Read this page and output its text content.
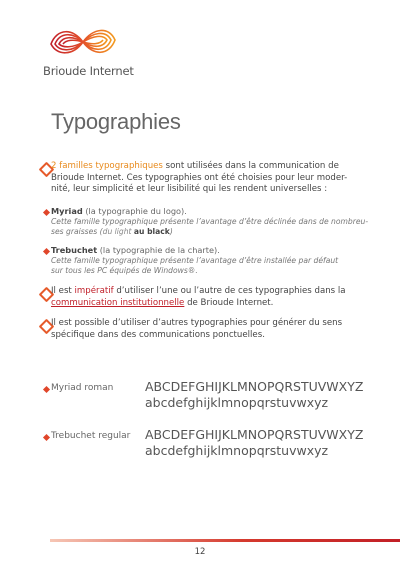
Brioude Internet
Typographies
2 familles typographiques sont utilisées dans la communication de
Brioude Internet. Ces typographies ont été choisies pour leur moder-
nité, leur simplicité et leur lisibilité qui les rendent universelles :
Myriad (la typographie du logo).
Cette famille typographique présente l’avantage d’être déclinée dans de nombreu-
ses graisses (du light au black)
Trebuchet (la typographie de la charte).
Cette famille typographique présente l’avantage d’être installée par défaut
sur tous les PC équipés de Windows®.
Il est impératif d’utiliser l’une ou l’autre de ces typographies dans la
communication institutionnelle de Brioude Internet.
Il est possible d’utiliser d’autres typographies pour générer du sens
spécifique dans des communications ponctuelles.
Myriad roman	ABCDEFGHIJKLMNOPQRSTUVWXYZ
abcdefghijklmnopqrstuvwxyz
Trebuchet regular ABCDEFGHIJKLMNOPQRSTUVWXYZ
abcdefghijklmnopqrstuvwxyz
12
